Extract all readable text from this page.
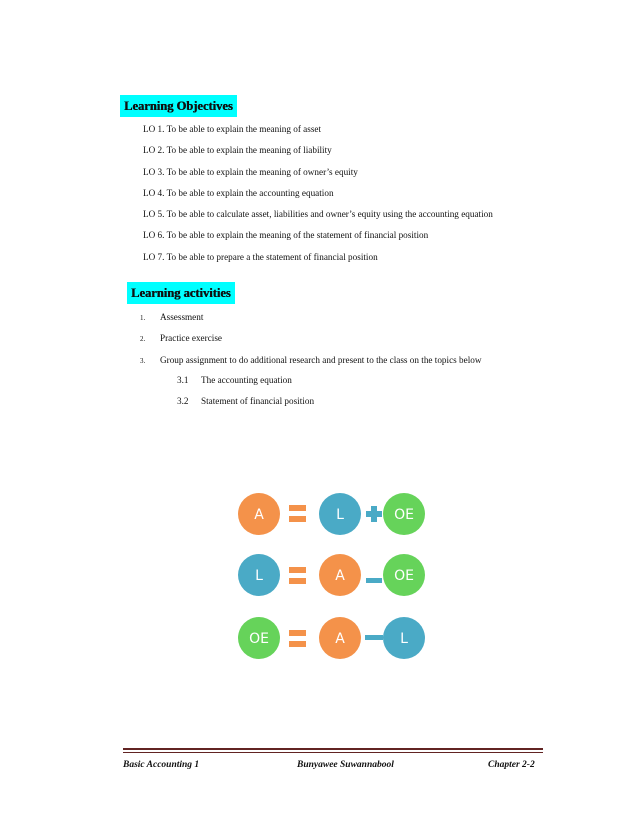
Learning Objectives
LO 1. To be able to explain the meaning of asset
LO 2. To be able to explain the meaning of liability
LO 3. To be able to explain the meaning of owner’s equity
LO 4. To be able to explain the accounting equation
LO 5. To be able to calculate asset, liabilities and owner’s equity using the accounting equation
LO 6. To be able to explain the meaning of the statement of financial position
LO 7. To be able to prepare a the statement of financial position
Learning activities
1. Assessment
2. Practice exercise
3. Group assignment to do additional research and present to the class on the topics below
3.1 The accounting equation
3.2 Statement of financial position
A	L	OE
L	A	OE
OE	A	L
Basic Accounting 1	Bunyawee Suwannabool	Chapter 2-2
